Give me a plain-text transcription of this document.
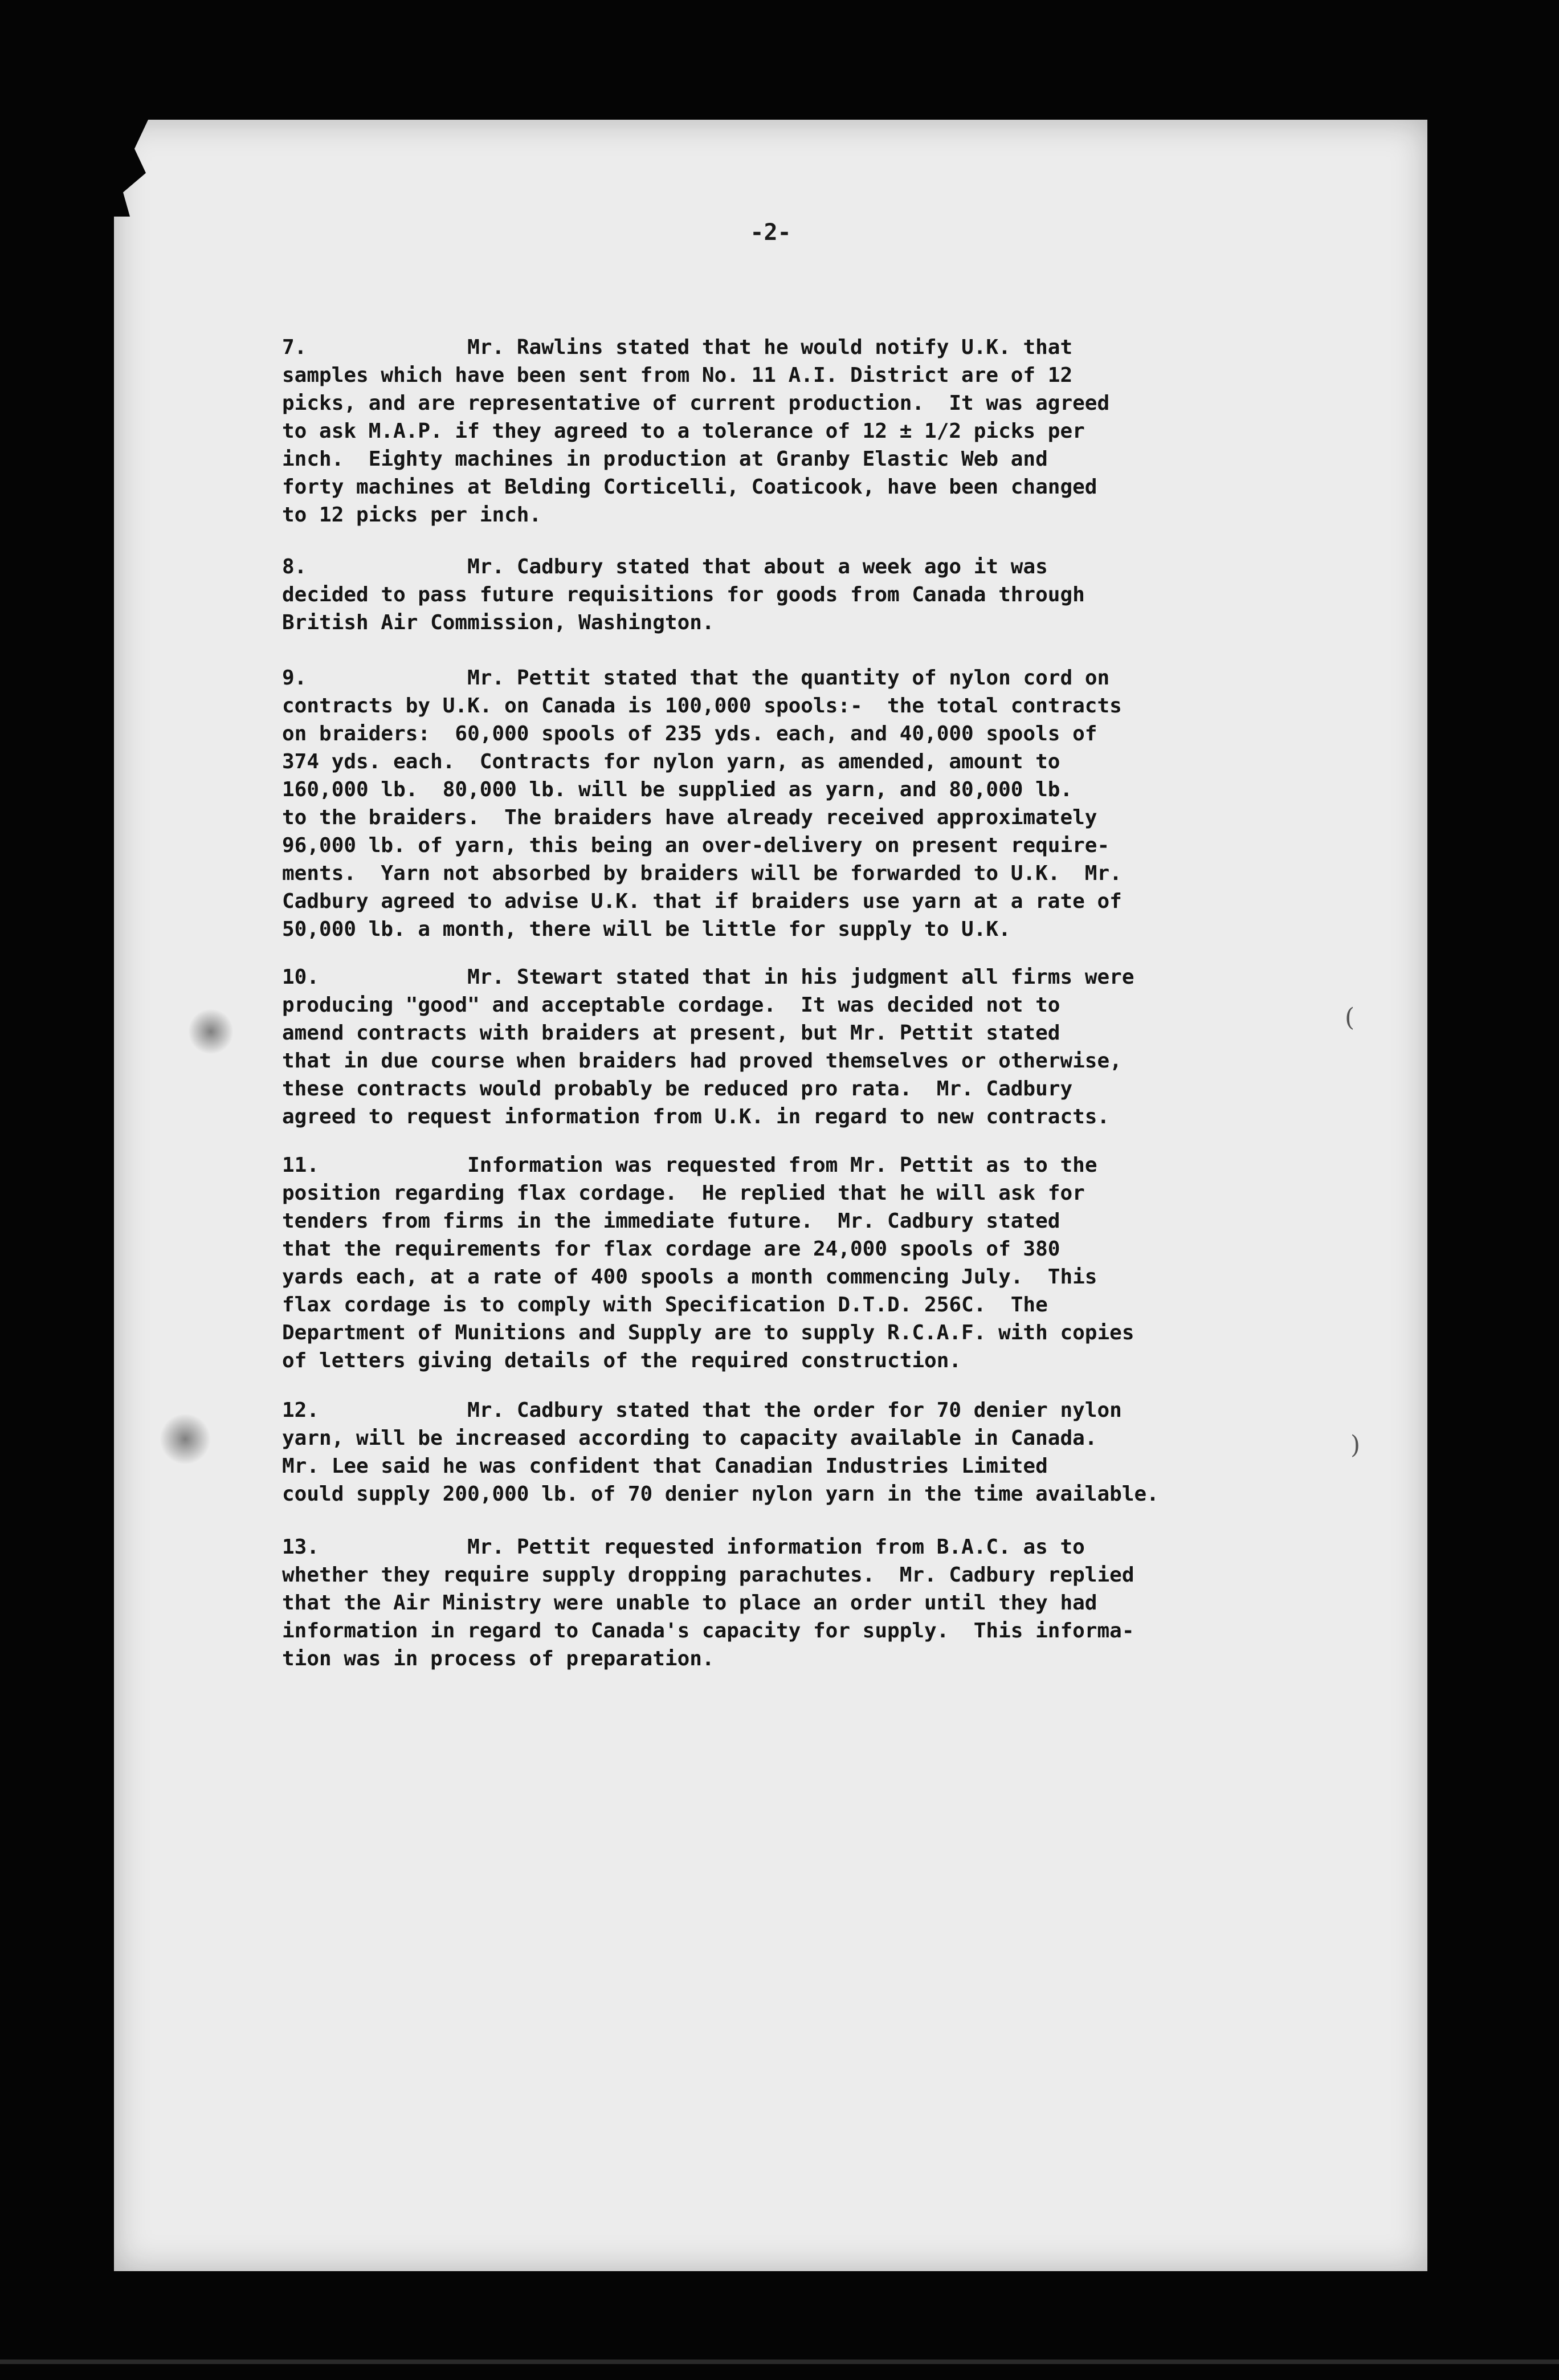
-2-

7.	Mr. Rawlins stated that he would notify U.K. that
samples which have been sent from No. 11 A.I. District are of 12
picks, and are representative of current production.  It was agreed
to ask M.A.P. if they agreed to a tolerance of 12 ± 1/2 picks per
inch.  Eighty machines in production at Granby Elastic Web and
forty machines at Belding Corticelli, Coaticook, have been changed
to 12 picks per inch.

8.	Mr. Cadbury stated that about a week ago it was
decided to pass future requisitions for goods from Canada through
British Air Commission, Washington.

9.	Mr. Pettit stated that the quantity of nylon cord on
contracts by U.K. on Canada is 100,000 spools:-  the total contracts
on braiders:  60,000 spools of 235 yds. each, and 40,000 spools of
374 yds. each.  Contracts for nylon yarn, as amended, amount to
160,000 lb.  80,000 lb. will be supplied as yarn, and 80,000 lb.
to the braiders.  The braiders have already received approximately
96,000 lb. of yarn, this being an over-delivery on present require-
ments.  Yarn not absorbed by braiders will be forwarded to U.K.  Mr.
Cadbury agreed to advise U.K. that if braiders use yarn at a rate of
50,000 lb. a month, there will be little for supply to U.K.

10.	Mr. Stewart stated that in his judgment all firms were
producing "good" and acceptable cordage.  It was decided not to
amend contracts with braiders at present, but Mr. Pettit stated
that in due course when braiders had proved themselves or otherwise,
these contracts would probably be reduced pro rata.  Mr. Cadbury
agreed to request information from U.K. in regard to new contracts.

11.	Information was requested from Mr. Pettit as to the
position regarding flax cordage.  He replied that he will ask for
tenders from firms in the immediate future.  Mr. Cadbury stated
that the requirements for flax cordage are 24,000 spools of 380
yards each, at a rate of 400 spools a month commencing July.  This
flax cordage is to comply with Specification D.T.D. 256C.  The
Department of Munitions and Supply are to supply R.C.A.F. with copies
of letters giving details of the required construction.

12.	Mr. Cadbury stated that the order for 70 denier nylon
yarn, will be increased according to capacity available in Canada.
Mr. Lee said he was confident that Canadian Industries Limited
could supply 200,000 lb. of 70 denier nylon yarn in the time available.

13.	Mr. Pettit requested information from B.A.C. as to
whether they require supply dropping parachutes.  Mr. Cadbury replied
that the Air Ministry were unable to place an order until they had
information in regard to Canada's capacity for supply.  This informa-
tion was in process of preparation.

(
)
